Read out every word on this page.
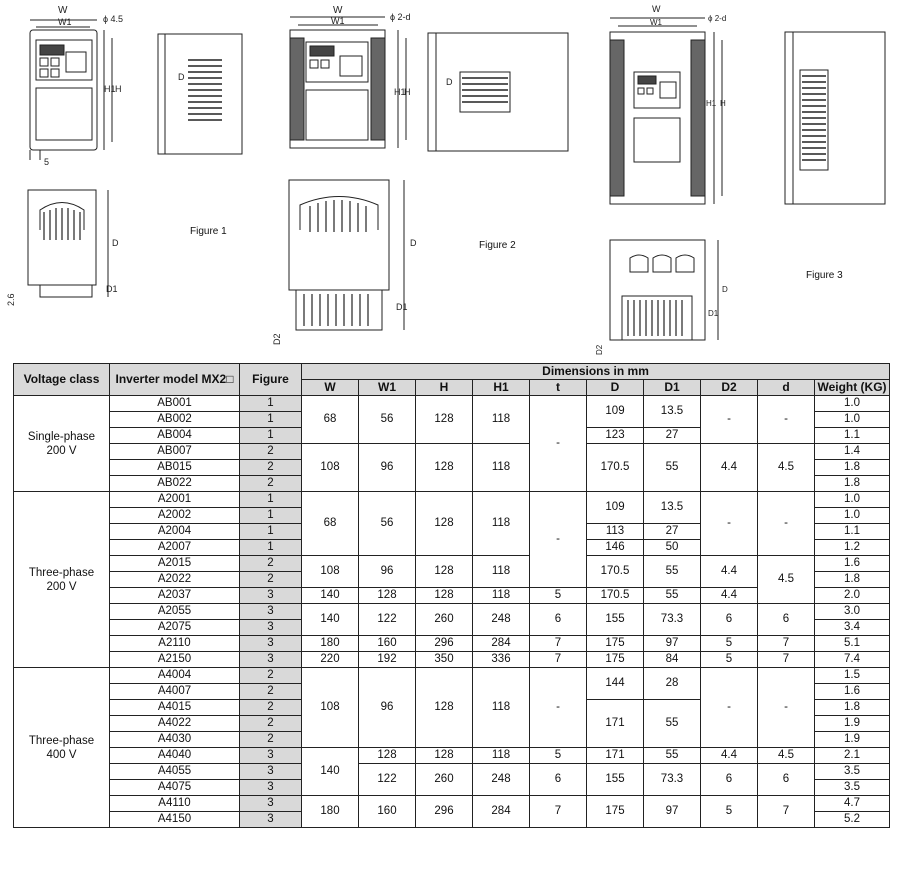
W
W1	ϕ 4.5
H1 H
5
D
D
D1
2.6
W
W1	ϕ 2-d
H1
H
D
D
D1
D2
W
W1	ϕ 2-d
H1 H
D
D1
D2
Figure 1
Figure 2
Figure 3
Voltage class	Inverter model MX2□	Figure	Dimensions in mm									
			W	W1	H	H1	t	D	D1	D2	d	Weight (KG)
Single-phase 200 V	AB001	1	68	56	128	118	-	109	13.5	-	-	1.0
	AB002	1										1.0
	AB004	1						123	27			1.1
	AB007	2	108	96	128	118		170.5	55	4.4	4.5	1.4
	AB015	2										1.8
	AB022	2										1.8
Three-phase 200 V	A2001	1	68	56	128	118	-	109	13.5	-	-	1.0
	A2002	1										1.0
	A2004	1						113	27			1.1
	A2007	1						146	50			1.2
	A2015	2	108	96	128	118		170.5	55	4.4	4.5	1.6
	A2022	2										1.8
	A2037	3	140	128	128	118	5	170.5	55	4.4		2.0
	A2055	3	140	122	260	248	6	155	73.3	6	6	3.0
	A2075	3										3.4
	A2110	3	180	160	296	284	7	175	97	5	7	5.1
	A2150	3	220	192	350	336	7	175	84	5	7	7.4
Three-phase 400 V	A4004	2	108	96	128	118	-	144	28	-	-	1.5
	A4007	2										1.6
	A4015	2						171	55			1.8
	A4022	2										1.9
	A4030	2										1.9
	A4040	3	140	128	128	118	5	171	55	4.4	4.5	2.1
	A4055	3		122	260	248	6	155	73.3	6	6	3.5
	A4075	3										3.5
	A4110	3	180	160	296	284	7	175	97	5	7	4.7
	A4150	3										5.2
